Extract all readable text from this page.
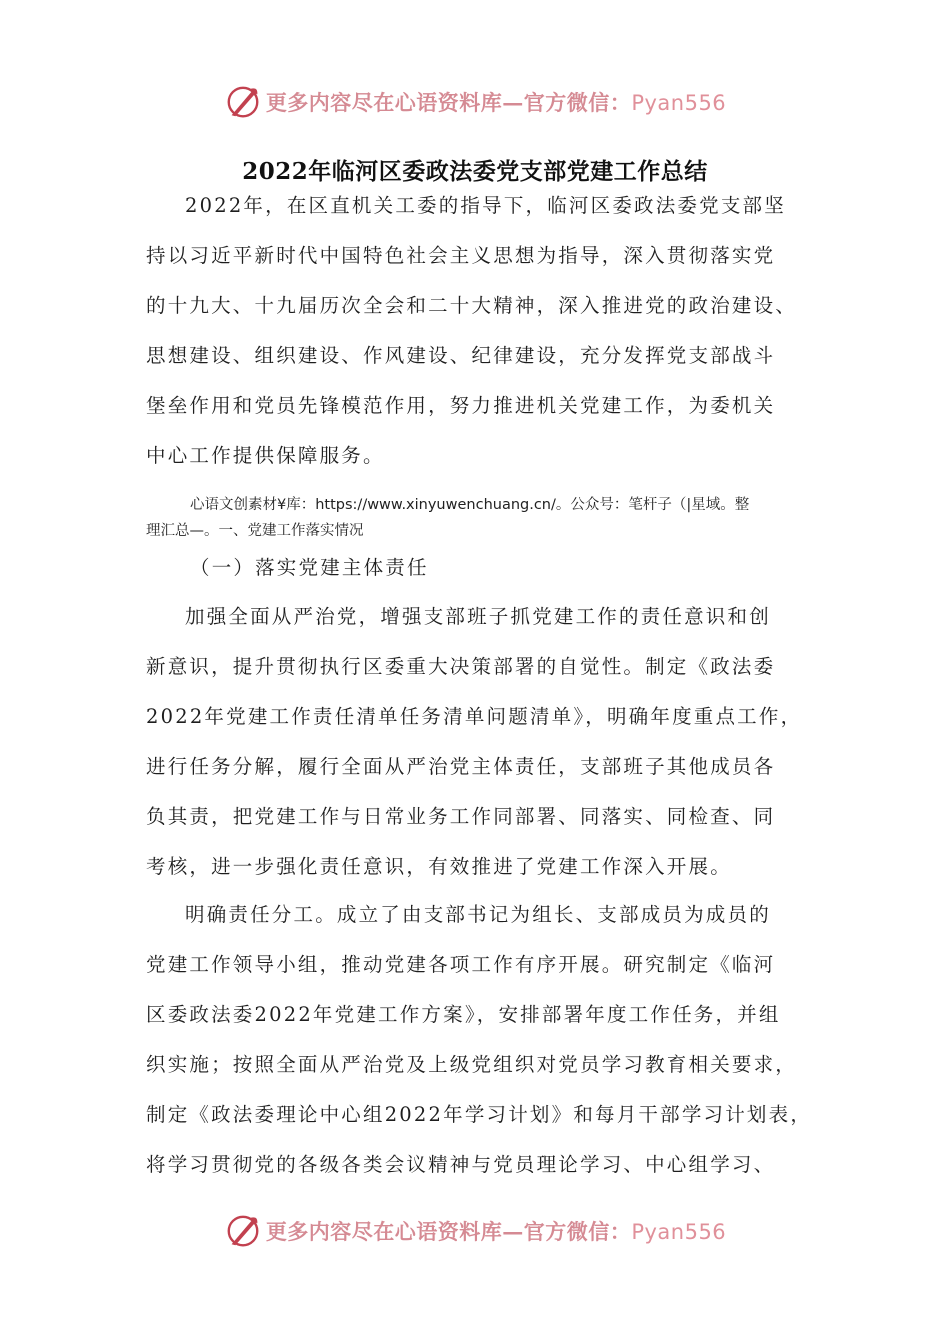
更多内容尽在心语资料库—官方微信：Pyan556
2022年临河区委政法委党支部党建工作总结

2022年，在区直机关工委的指导下，临河区委政法委党支部坚
持以习近平新时代中国特色社会主义思想为指导，深入贯彻落实党
的十九大、十九届历次全会和二十大精神，深入推进党的政治建设、
思想建设、组织建设、作风建设、纪律建设，充分发挥党支部战斗
堡垒作用和党员先锋模范作用，努力推进机关党建工作，为委机关
中心工作提供保障服务。

心语文创素材¥库：https://www.xinyuwenchuang.cn/。公众号：笔杆子（|星域。整
理汇总—。一、党建工作落实情况
（一）落实党建主体责任

加强全面从严治党，增强支部班子抓党建工作的责任意识和创
新意识，提升贯彻执行区委重大决策部署的自觉性。制定《政法委
2022年党建工作责任清单任务清单问题清单》，明确年度重点工作，
进行任务分解，履行全面从严治党主体责任，支部班子其他成员各
负其责，把党建工作与日常业务工作同部署、同落实、同检查、同
考核，进一步强化责任意识，有效推进了党建工作深入开展。

明确责任分工。成立了由支部书记为组长、支部成员为成员的
党建工作领导小组，推动党建各项工作有序开展。研究制定《临河
区委政法委2022年党建工作方案》，安排部署年度工作任务，并组
织实施；按照全面从严治党及上级党组织对党员学习教育相关要求，
制定《政法委理论中心组2022年学习计划》和每月干部学习计划表，
将学习贯彻党的各级各类会议精神与党员理论学习、中心组学习、

更多内容尽在心语资料库—官方微信：Pyan556
